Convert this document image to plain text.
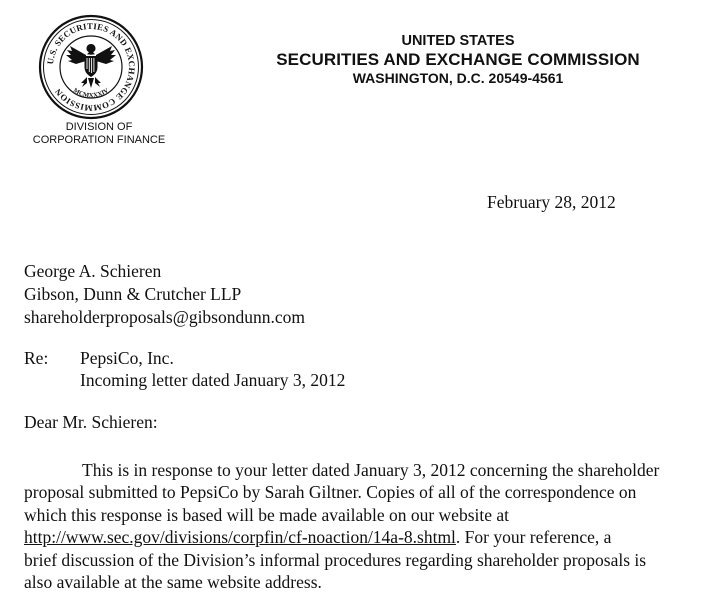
U.S. SECURITIES AND EXCHANGE COMMISSION	MCMXXXIV
UNITED STATES
SECURITIES AND EXCHANGE COMMISSION
WASHINGTON, D.C. 20549-4561
DIVISION OF
CORPORATION FINANCE
February 28, 2012
George A. Schieren
Gibson, Dunn & Crutcher LLP
shareholderproposals@gibsondunn.com
Re: PepsiCo, Inc.
Incoming letter dated January 3, 2012
Dear Mr. Schieren:
This is in response to your letter dated January 3, 2012 concerning the shareholder
proposal submitted to PepsiCo by Sarah Giltner. Copies of all of the correspondence on
which this response is based will be made available on our website at
http://www.sec.gov/divisions/corpfin/cf-noaction/14a-8.shtml. For your reference, a
brief discussion of the Division’s informal procedures regarding shareholder proposals is
also available at the same website address.
